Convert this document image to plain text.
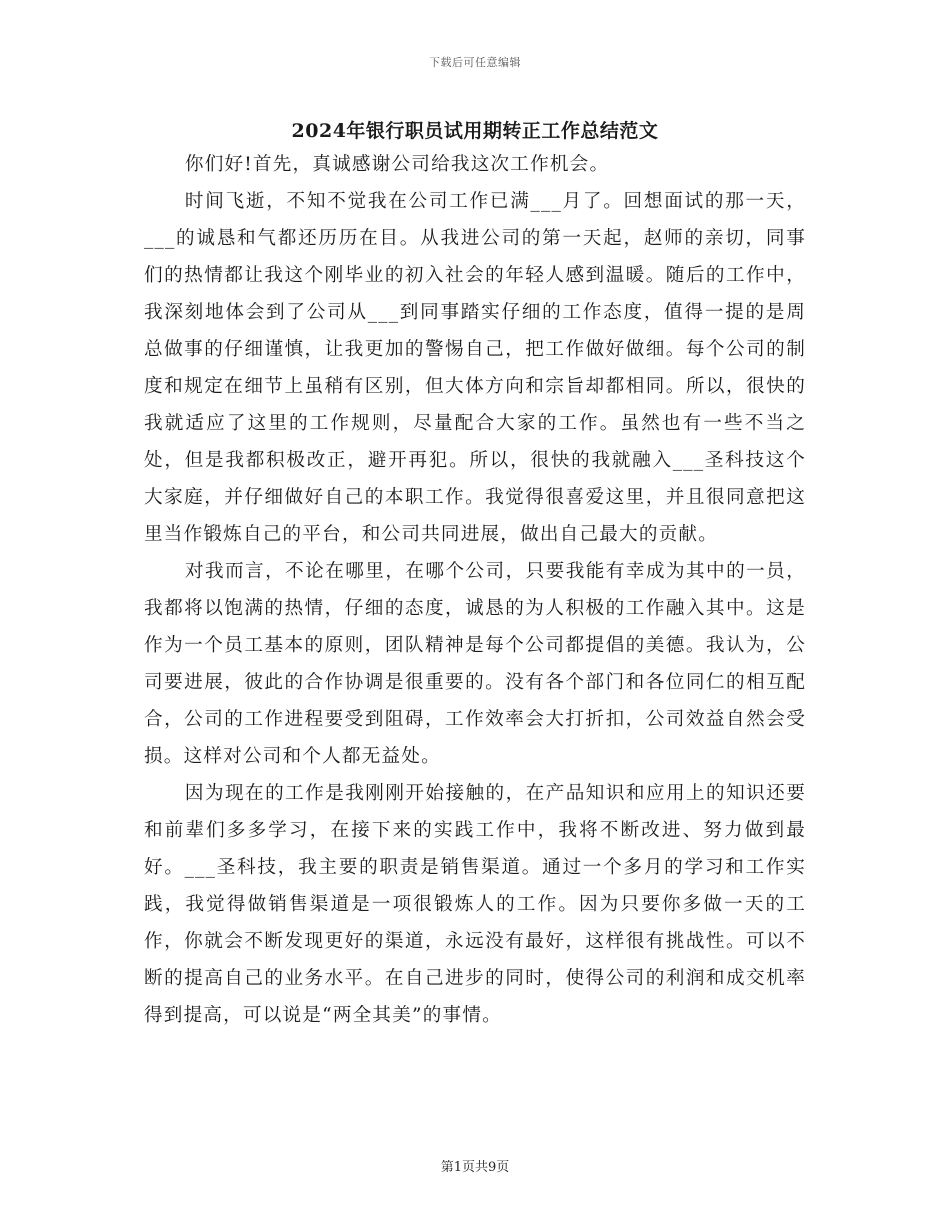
下载后可任意编辑
2024年银行职员试用期转正工作总结范文

你们好!首先，真诚感谢公司给我这次工作机会。

时间飞逝，不知不觉我在公司工作已满___月了。回想面试的那一天，___的诚恳和气都还历历在目。从我进公司的第一天起，赵师的亲切，同事们的热情都让我这个刚毕业的初入社会的年轻人感到温暖。随后的工作中，我深刻地体会到了公司从___到同事踏实仔细的工作态度，值得一提的是周总做事的仔细谨慎，让我更加的警惕自己，把工作做好做细。每个公司的制度和规定在细节上虽稍有区别，但大体方向和宗旨却都相同。所以，很快的我就适应了这里的工作规则，尽量配合大家的工作。虽然也有一些不当之处，但是我都积极改正，避开再犯。所以，很快的我就融入___圣科技这个大家庭，并仔细做好自己的本职工作。我觉得很喜爱这里，并且很同意把这里当作锻炼自己的平台，和公司共同进展，做出自己最大的贡献。

对我而言，不论在哪里，在哪个公司，只要我能有幸成为其中的一员，我都将以饱满的热情，仔细的态度，诚恳的为人积极的工作融入其中。这是作为一个员工基本的原则，团队精神是每个公司都提倡的美德。我认为，公司要进展，彼此的合作协调是很重要的。没有各个部门和各位同仁的相互配合，公司的工作进程要受到阻碍，工作效率会大打折扣，公司效益自然会受损。这样对公司和个人都无益处。

因为现在的工作是我刚刚开始接触的，在产品知识和应用上的知识还要和前辈们多多学习，在接下来的实践工作中，我将不断改进、努力做到最好。___圣科技，我主要的职责是销售渠道。通过一个多月的学习和工作实践，我觉得做销售渠道是一项很锻炼人的工作。因为只要你多做一天的工作，你就会不断发现更好的渠道，永远没有最好，这样很有挑战性。可以不断的提高自己的业务水平。在自己进步的同时，使得公司的利润和成交机率得到提高，可以说是“两全其美”的事情。

第1页共9页
